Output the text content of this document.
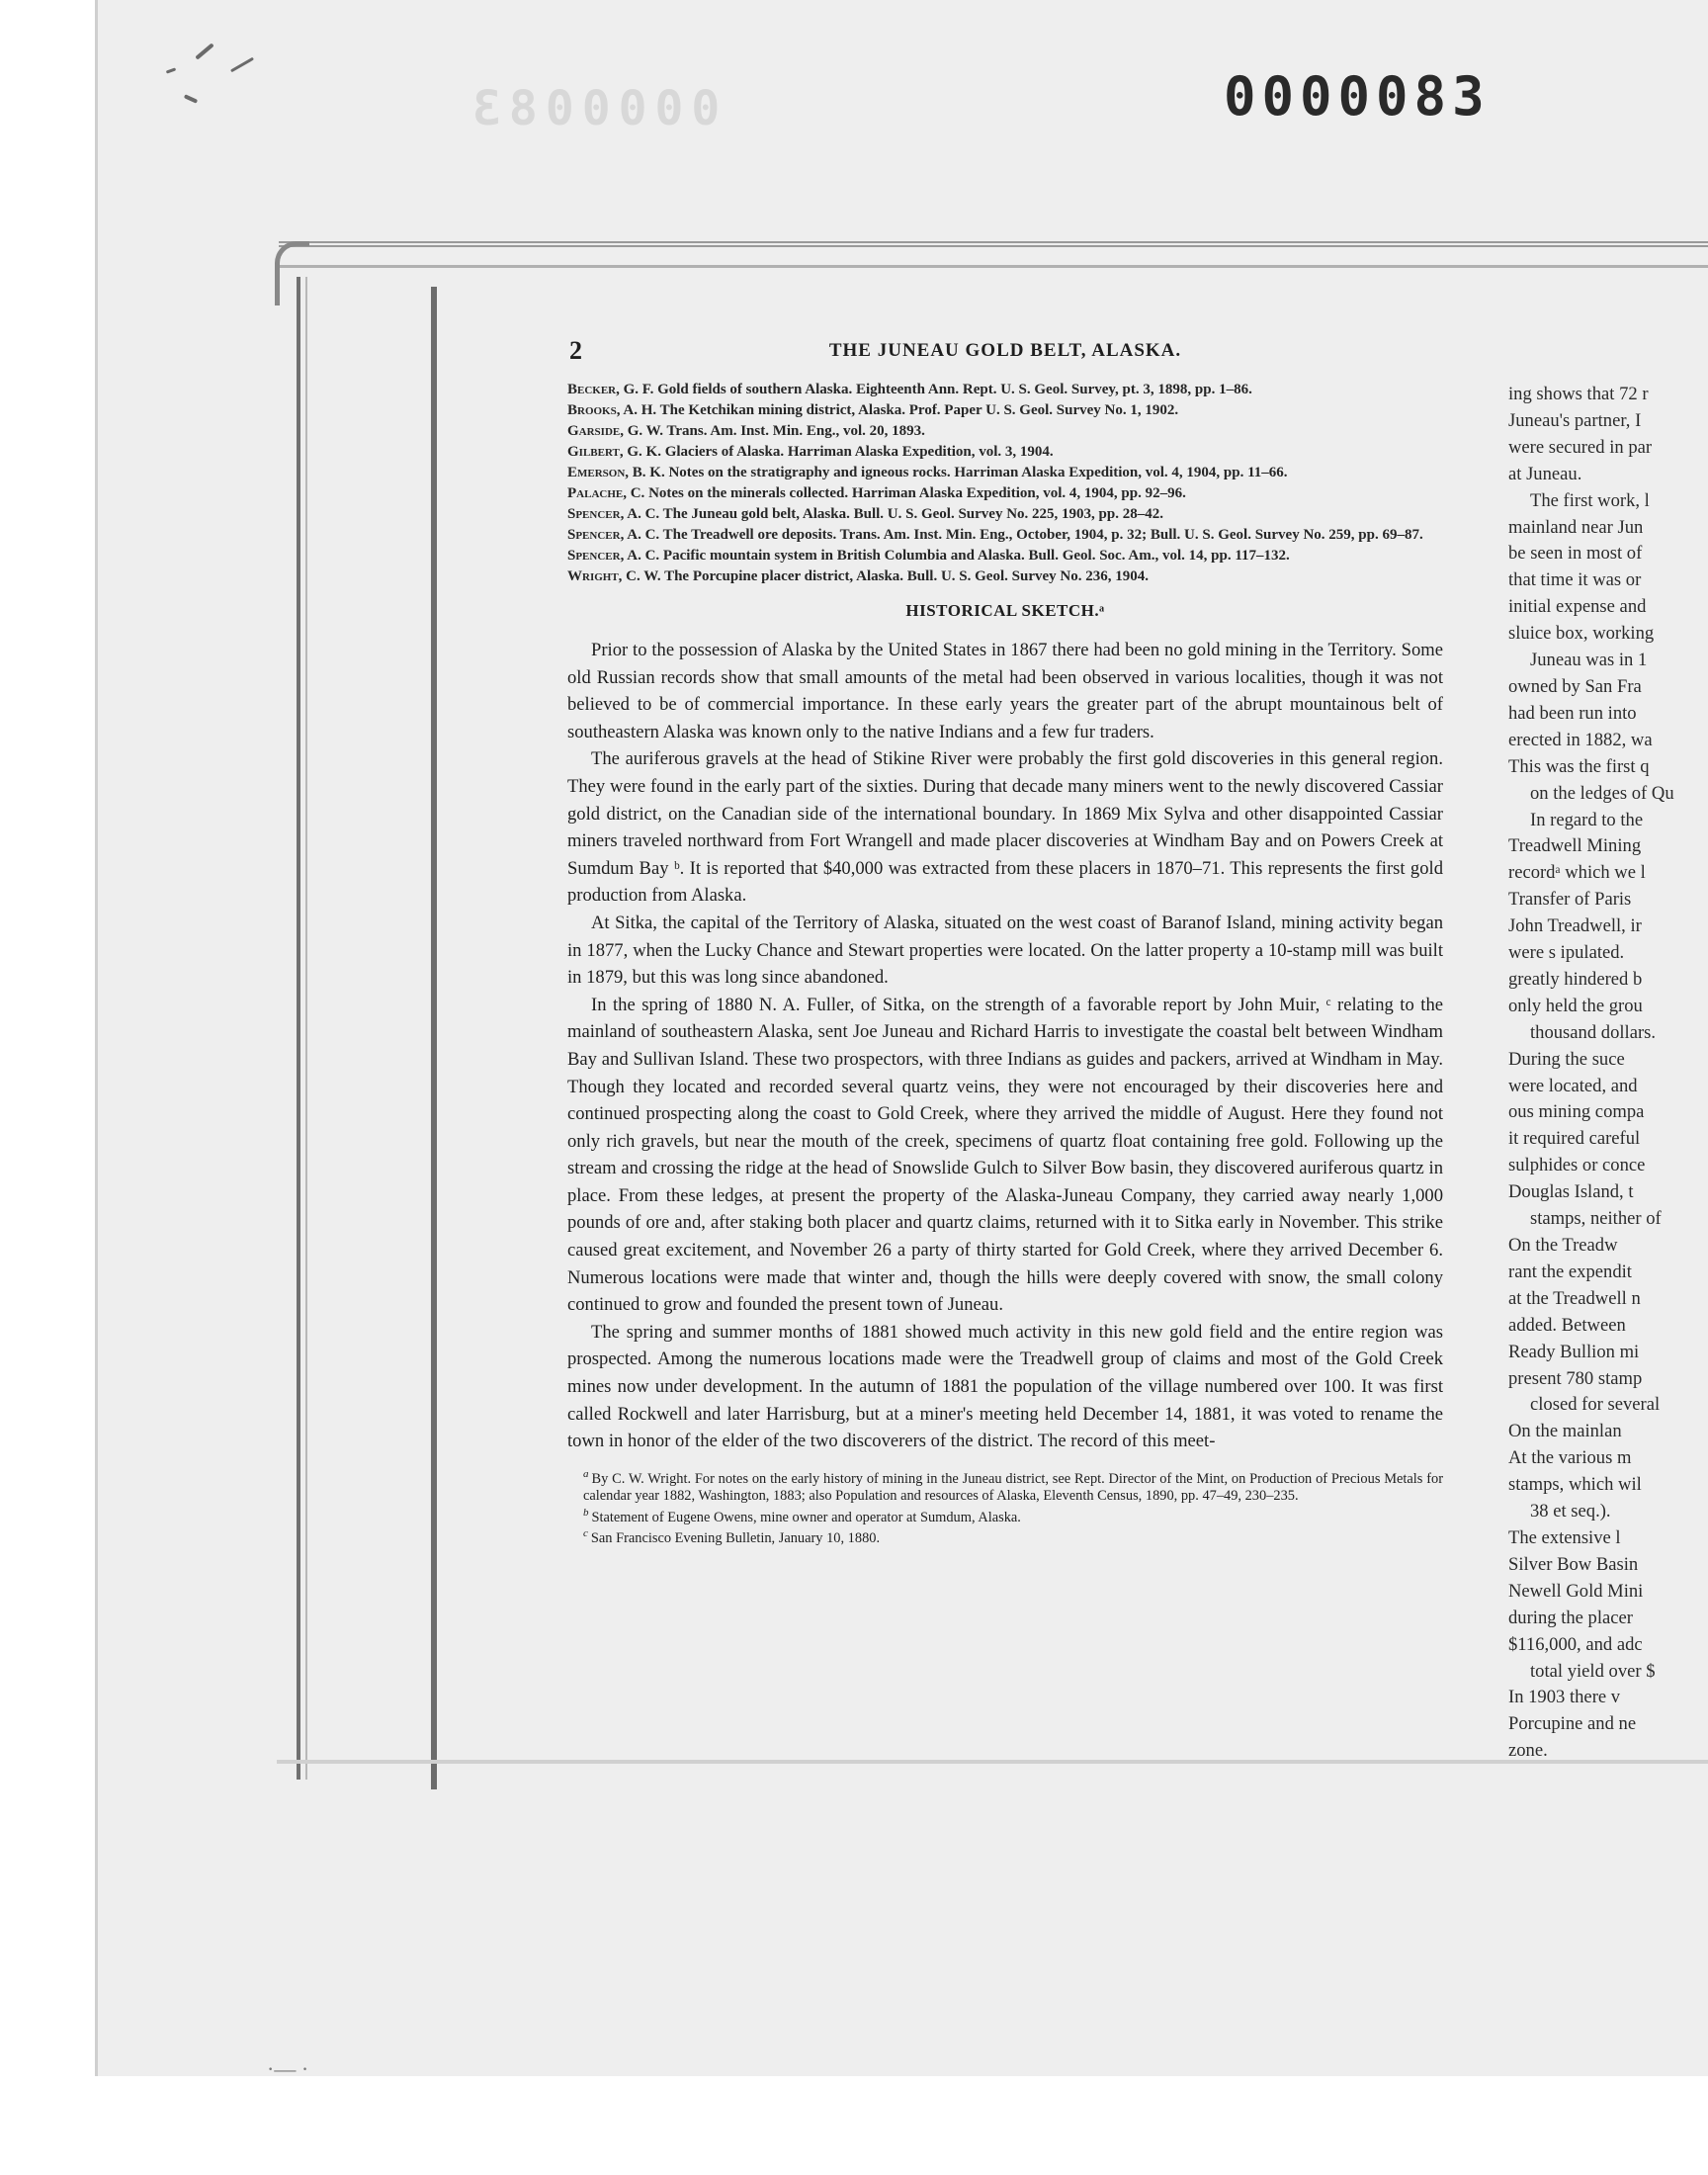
0000083	0000083
2	THE JUNEAU GOLD BELT, ALASKA.

Becker, G. F. Gold fields of southern Alaska. Eighteenth Ann. Rept. U. S. Geol. Survey, pt. 3, 1898, pp. 1–86.

Brooks, A. H. The Ketchikan mining district, Alaska. Prof. Paper U. S. Geol. Survey No. 1, 1902.

Garside, G. W. Trans. Am. Inst. Min. Eng., vol. 20, 1893.

Gilbert, G. K. Glaciers of Alaska. Harriman Alaska Expedition, vol. 3, 1904.

Emerson, B. K. Notes on the stratigraphy and igneous rocks. Harriman Alaska Expedition, vol. 4, 1904, pp. 11–66.

Palache, C. Notes on the minerals collected. Harriman Alaska Expedition, vol. 4, 1904, pp. 92–96.

Spencer, A. C. The Juneau gold belt, Alaska. Bull. U. S. Geol. Survey No. 225, 1903, pp. 28–42.

Spencer, A. C. The Treadwell ore deposits. Trans. Am. Inst. Min. Eng., October, 1904, p. 32; Bull. U. S. Geol. Survey No. 259, pp. 69–87.

Spencer, A. C. Pacific mountain system in British Columbia and Alaska. Bull. Geol. Soc. Am., vol. 14, pp. 117–132.

Wright, C. W. The Porcupine placer district, Alaska. Bull. U. S. Geol. Survey No. 236, 1904.

HISTORICAL SKETCH.ᵃ

Prior to the possession of Alaska by the United States in 1867 there had been no gold mining in the Territory. Some old Russian records show that small amounts of the metal had been observed in various localities, though it was not believed to be of commercial importance. In these early years the greater part of the abrupt mountainous belt of southeastern Alaska was known only to the native Indians and a few fur traders.

The auriferous gravels at the head of Stikine River were probably the first gold discoveries in this general region. They were found in the early part of the sixties. During that decade many miners went to the newly discovered Cassiar gold district, on the Canadian side of the international boundary. In 1869 Mix Sylva and other disappointed Cassiar miners traveled northward from Fort Wrangell and made placer discoveries at Windham Bay and on Powers Creek at Sumdum Bay ᵇ. It is reported that $40,000 was extracted from these placers in 1870–71. This represents the first gold production from Alaska.

At Sitka, the capital of the Territory of Alaska, situated on the west coast of Baranof Island, mining activity began in 1877, when the Lucky Chance and Stewart properties were located. On the latter property a 10-stamp mill was built in 1879, but this was long since abandoned.

In the spring of 1880 N. A. Fuller, of Sitka, on the strength of a favorable report by John Muir, ᶜ relating to the mainland of southeastern Alaska, sent Joe Juneau and Richard Harris to investigate the coastal belt between Windham Bay and Sullivan Island. These two prospectors, with three Indians as guides and packers, arrived at Windham in May. Though they located and recorded several quartz veins, they were not encouraged by their discoveries here and continued prospecting along the coast to Gold Creek, where they arrived the middle of August. Here they found not only rich gravels, but near the mouth of the creek, specimens of quartz float containing free gold. Following up the stream and crossing the ridge at the head of Snowslide Gulch to Silver Bow basin, they discovered auriferous quartz in place. From these ledges, at present the property of the Alaska-Juneau Company, they carried away nearly 1,000 pounds of ore and, after staking both placer and quartz claims, returned with it to Sitka early in November. This strike caused great excitement, and November 26 a party of thirty started for Gold Creek, where they arrived December 6. Numerous locations were made that winter and, though the hills were deeply covered with snow, the small colony continued to grow and founded the present town of Juneau.

The spring and summer months of 1881 showed much activity in this new gold field and the entire region was prospected. Among the numerous locations made were the Treadwell group of claims and most of the Gold Creek mines now under development. In the autumn of 1881 the population of the village numbered over 100. It was first called Rockwell and later Harrisburg, but at a miner's meeting held December 14, 1881, it was voted to rename the town in honor of the elder of the two discoverers of the district. The record of this meet-

$^a$ By C. W. Wright. For notes on the early history of mining in the Juneau district, see Rept. Director of the Mint, on Production of Precious Metals for calendar year 1882, Washington, 1883; also Population and resources of Alaska, Eleventh Census, 1890, pp. 47–49, 230–235.

$^b$ Statement of Eugene Owens, mine owner and operator at Sumdum, Alaska.

$^c$ San Francisco Evening Bulletin, January 10, 1880.

ing shows that 72 r
Juneau's partner, I
were secured in par
at Juneau.
The first work, l
mainland near Jun
be seen in most of
that time it was or
initial expense and
sluice box, working
Juneau was in 1
owned by San Fra
had been run into
erected in 1882, wa
This was the first q
on the ledges of Qu
In regard to the
Treadwell Mining
recordᵃ which we l
Transfer of Paris
John Treadwell, ir
were s ipulated.
greatly hindered b
only held the grou
thousand dollars.
During the suce
were located, and
ous mining compa
it required careful
sulphides or conce
Douglas Island, t
stamps, neither of
On the Treadw
rant the expendit
at the Treadwell n
added. Between
Ready Bullion mi
present 780 stamp
closed for several
On the mainlan
At the various m
stamps, which wil
38 et seq.).
The extensive l
Silver Bow Basin
Newell Gold Mini
during the placer
$116,000, and adc
total yield over $
In 1903 there v
Porcupine and ne
zone.
·— ·
